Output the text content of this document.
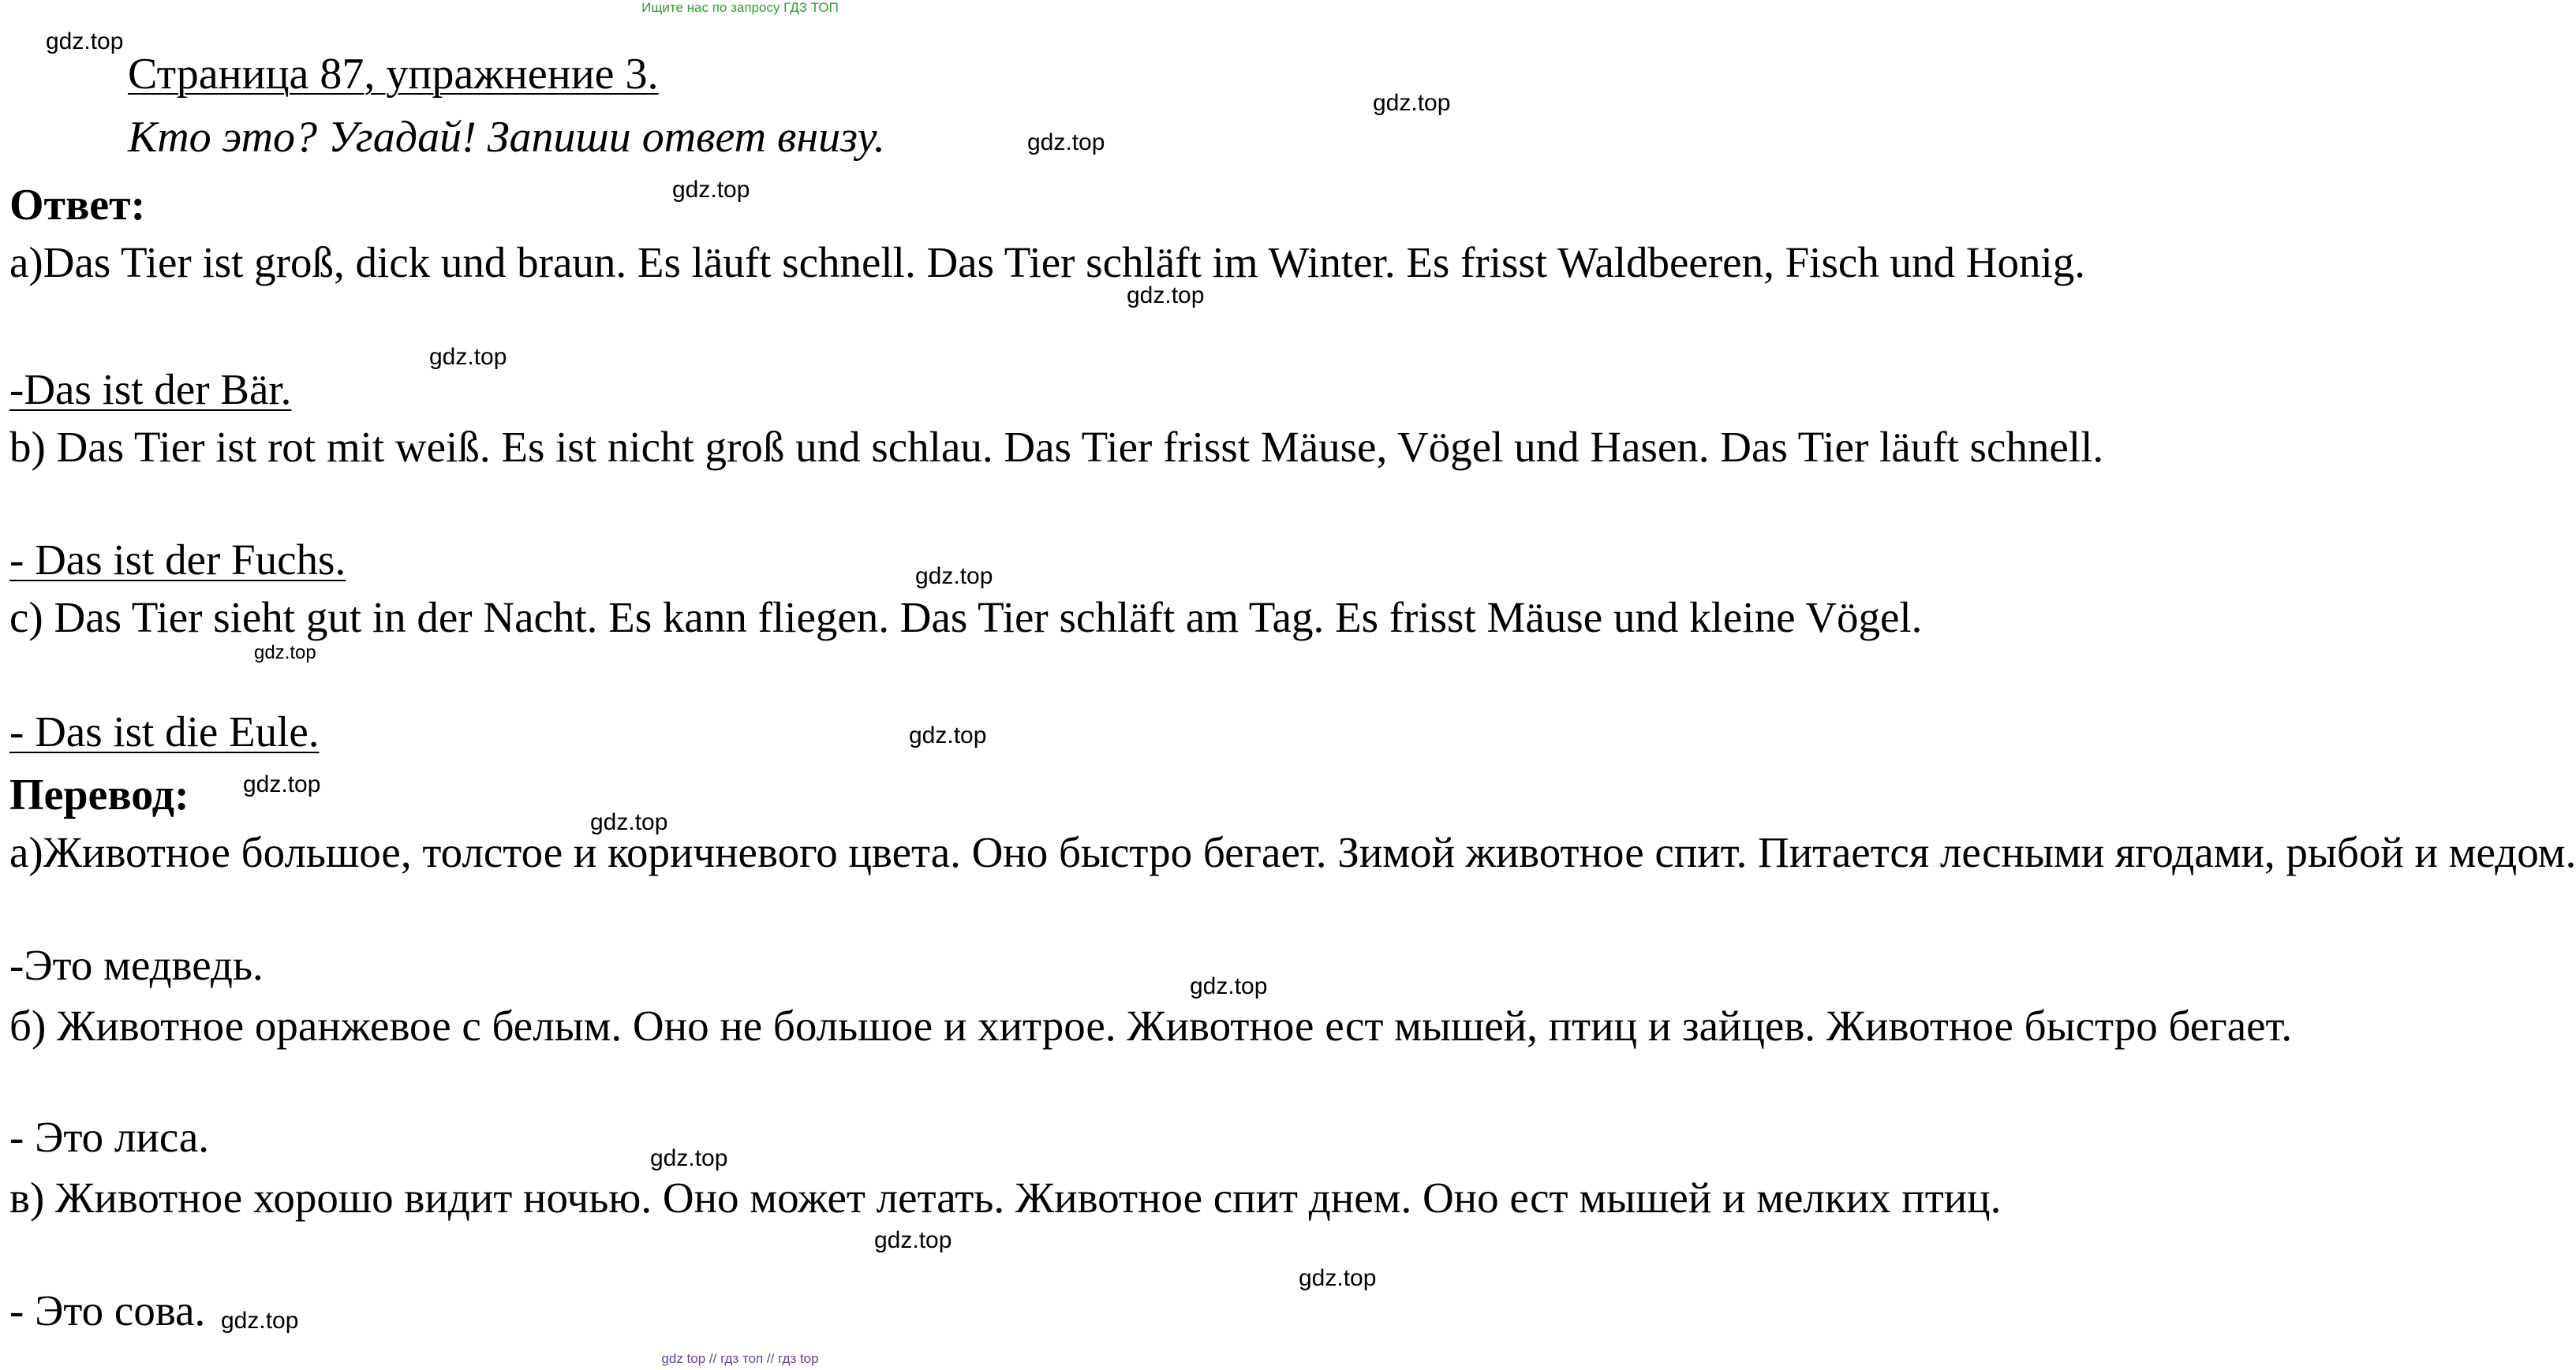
Ищите нас по запросу ГДЗ ТОП
Страница 87, упражнение 3.
Кто это? Угадай! Запиши ответ внизу.
Ответ:

a)Das Tier ist groß, dick und braun. Es läuft schnell. Das Tier schläft im Winter. Es frisst Waldbeeren, Fisch und Honig.

-Das ist der Bär.

b) Das Tier ist rot mit weiß. Es ist nicht groß und schlau. Das Tier frisst Mäuse, Vögel und Hasen. Das Tier läuft schnell.

- Das ist der Fuchs.

c) Das Tier sieht gut in der Nacht. Es kann fliegen. Das Tier schläft am Tag. Es frisst Mäuse und kleine Vögel.

- Das ist die Eule.
Перевод:

а)Животное большое, толстое и коричневого цвета. Оно быстро бегает. Зимой животное спит. Питается лесными ягодами, рыбой и медом.

-Это медведь.

б) Животное оранжевое с белым. Оно не большое и хитрое. Животное ест мышей, птиц и зайцев. Животное быстро бегает.

- Это лиса.

в) Животное хорошо видит ночью. Оно может летать. Животное спит днем. Оно ест мышей и мелких птиц.

- Это сова.
gdz.top
gdz.top
gdz.top
gdz.top
gdz.top
gdz.top
gdz.top
gdz.top
gdz.top
gdz.top
gdz.top
gdz.top
gdz.top
gdz.top
gdz.top
gdz.top
gdz top // гдз топ // гдз top
